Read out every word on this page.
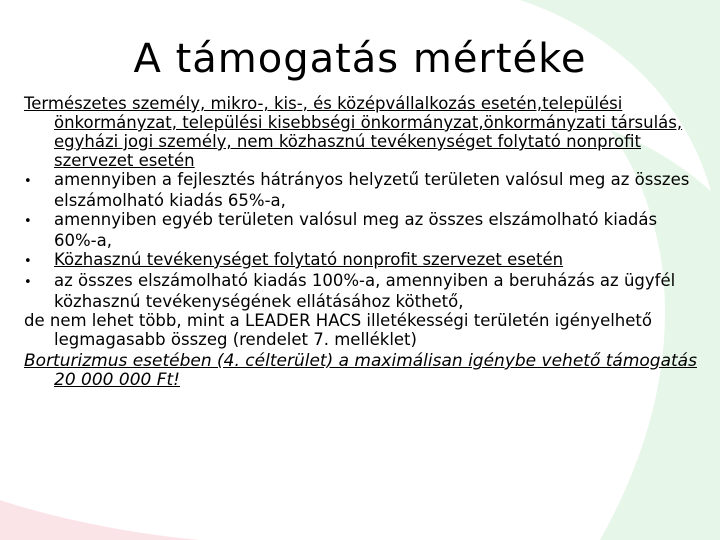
A támogatás mértéke

Természetes személy, mikro-, kis-, és középvállalkozás esetén,települési önkormányzat, települési kisebbségi önkormányzat,önkormányzati társulás, egyházi jogi személy, nem közhasznú tevékenységet folytató nonprofit szervezet esetén

• amennyiben a fejlesztés hátrányos helyzetű területen valósul meg az összes elszámolható kiadás 65%-a,

• amennyiben egyéb területen valósul meg az összes elszámolható kiadás 60%-a,

• Közhasznú tevékenységet folytató nonprofit szervezet esetén

• az összes elszámolható kiadás 100%-a, amennyiben a beruházás az ügyfél közhasznú tevékenységének ellátásához köthető,

de nem lehet több, mint a LEADER HACS illetékességi területén igényelhető legmagasabb összeg (rendelet 7. melléklet)

Borturizmus esetében (4. célterület) a maximálisan igénybe vehető támogatás 20 000 000 Ft!
